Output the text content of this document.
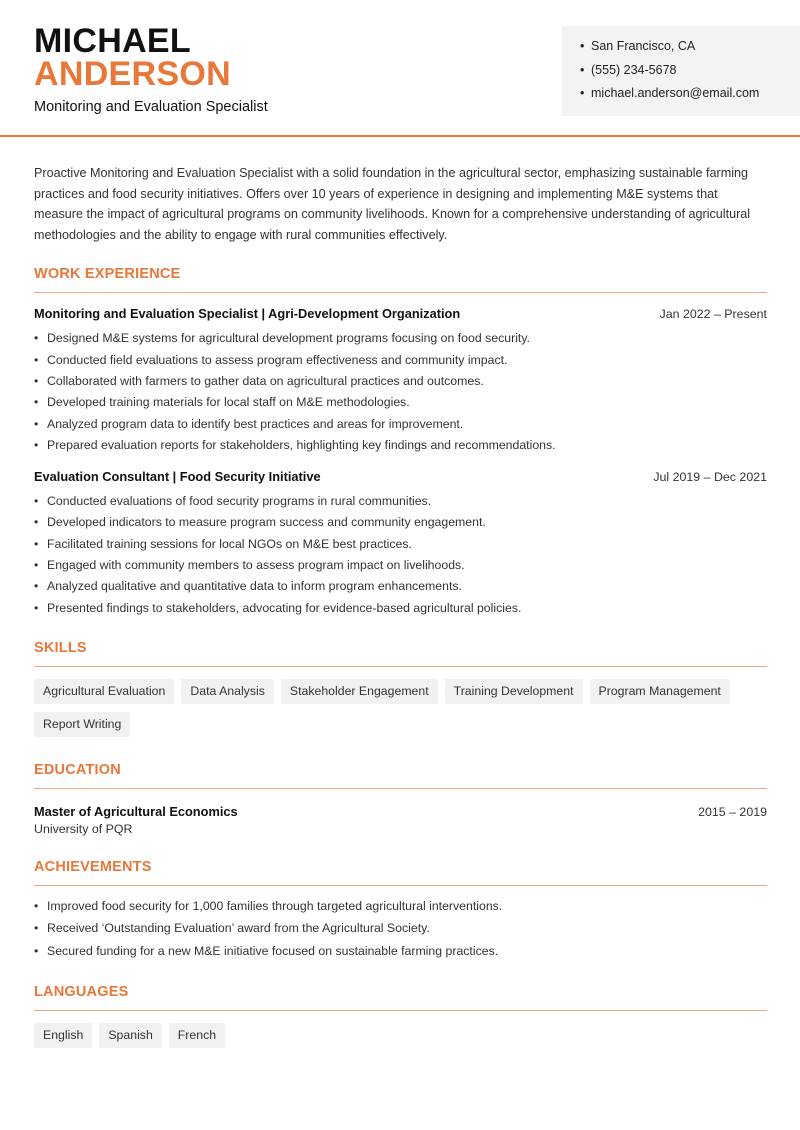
MICHAEL
ANDERSON
Monitoring and Evaluation Specialist
•
San Francisco, CA
•
(555) 234-5678
•
michael.anderson@email.com

Proactive Monitoring and Evaluation Specialist with a solid foundation in the agricultural sector, emphasizing sustainable farming practices and food security initiatives. Offers over 10 years of experience in designing and implementing M&E systems that measure the impact of agricultural programs on community livelihoods. Known for a comprehensive understanding of agricultural methodologies and the ability to engage with rural communities effectively.

WORK EXPERIENCE
Monitoring and Evaluation Specialist | Agri-Development Organization	Jan 2022 – Present
•
Designed M&E systems for agricultural development programs focusing on food security.
•
Conducted field evaluations to assess program effectiveness and community impact.
•
Collaborated with farmers to gather data on agricultural practices and outcomes.
•
Developed training materials for local staff on M&E methodologies.
•
Analyzed program data to identify best practices and areas for improvement.
•
Prepared evaluation reports for stakeholders, highlighting key findings and recommendations.
Evaluation Consultant | Food Security Initiative	Jul 2019 – Dec 2021
•
Conducted evaluations of food security programs in rural communities.
•
Developed indicators to measure program success and community engagement.
•
Facilitated training sessions for local NGOs on M&E best practices.
•
Engaged with community members to assess program impact on livelihoods.
•
Analyzed qualitative and quantitative data to inform program enhancements.
•
Presented findings to stakeholders, advocating for evidence-based agricultural policies.
SKILLS
Agricultural Evaluation	Data Analysis	Stakeholder Engagement	Training Development	Program Management
Report Writing
EDUCATION
Master of Agricultural Economics	2015 – 2019
University of PQR
ACHIEVEMENTS
•
Improved food security for 1,000 families through targeted agricultural interventions.
•
Received ‘Outstanding Evaluation’ award from the Agricultural Society.
•
Secured funding for a new M&E initiative focused on sustainable farming practices.
LANGUAGES
English	Spanish	French
